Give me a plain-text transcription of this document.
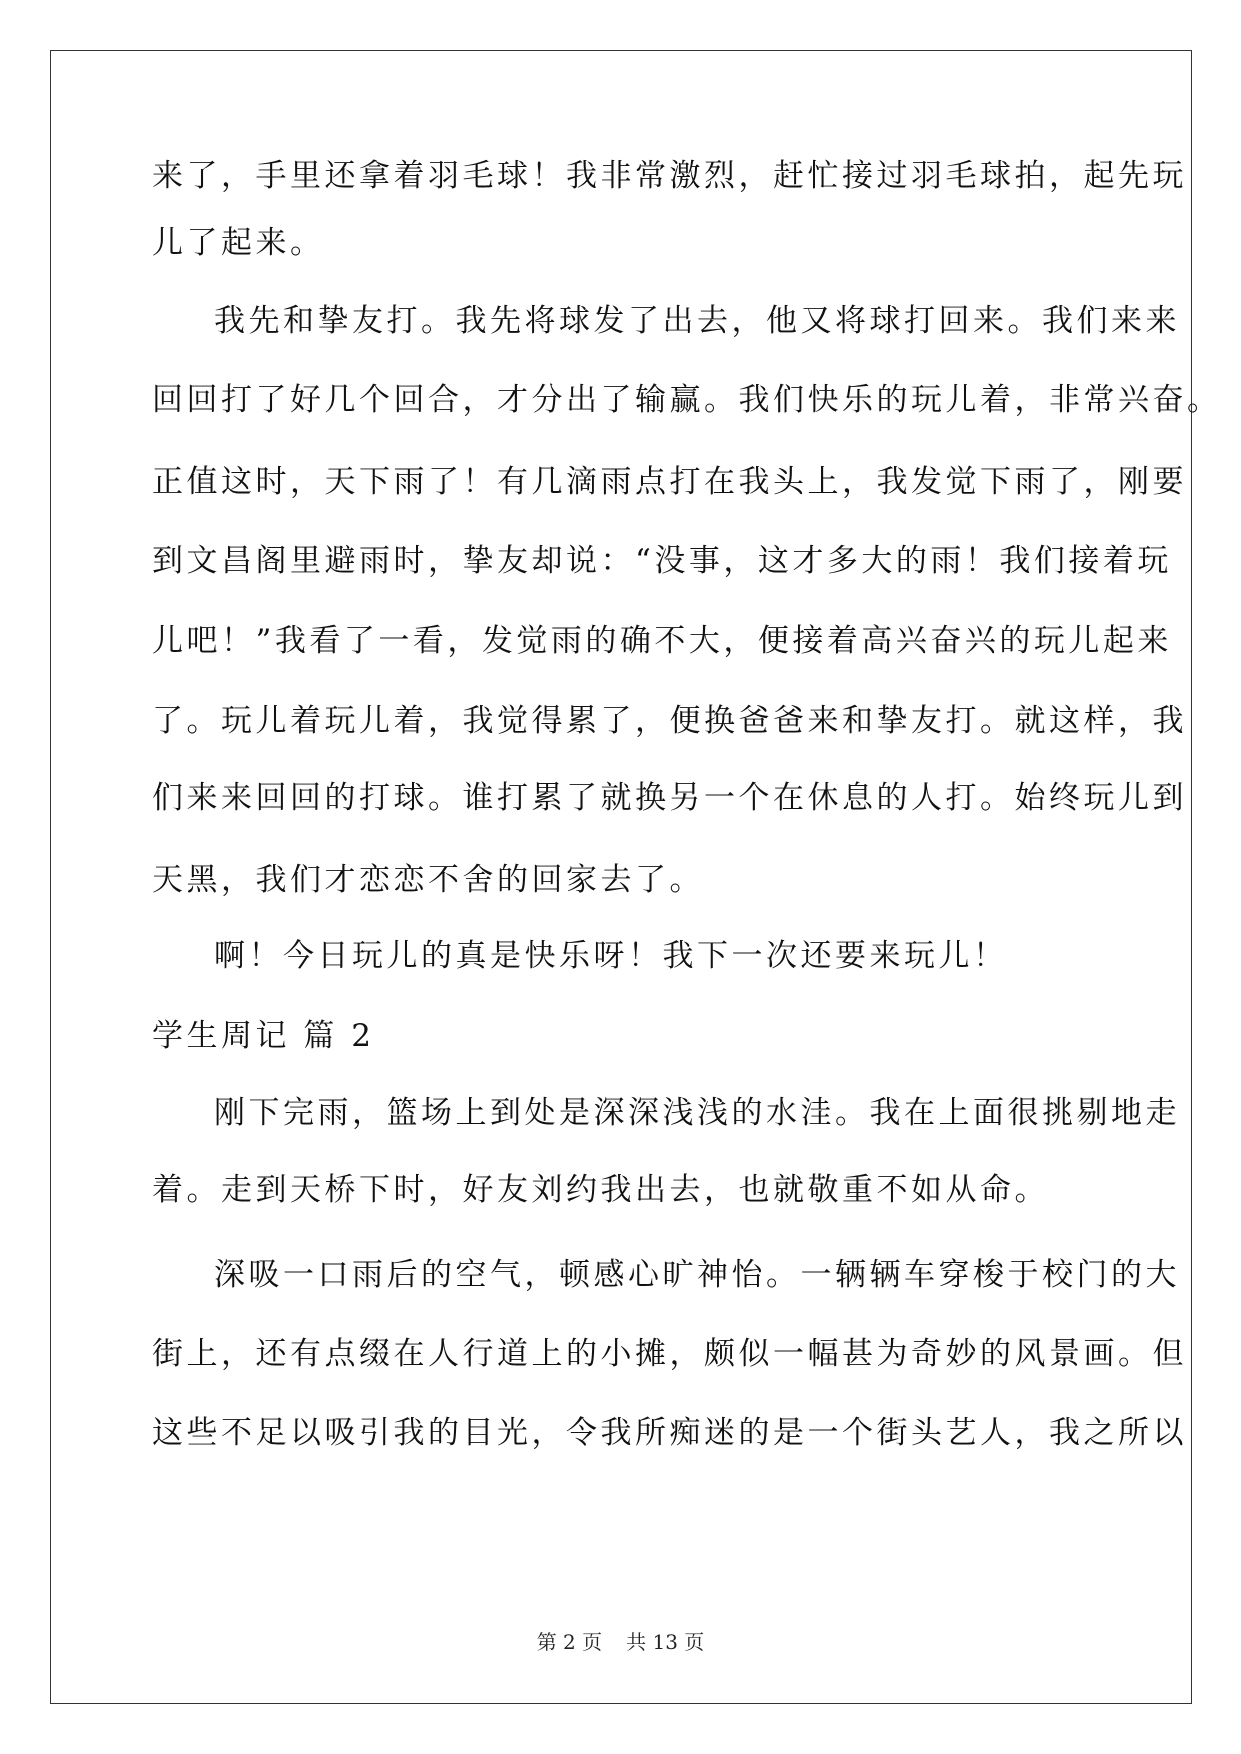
来了，手里还拿着羽毛球！我非常激烈，赶忙接过羽毛球拍，起先玩
儿了起来。
我先和挚友打。我先将球发了出去，他又将球打回来。我们来来
回回打了好几个回合，才分出了输赢。我们快乐的玩儿着，非常兴奋。
正值这时，天下雨了！有几滴雨点打在我头上，我发觉下雨了，刚要
到文昌阁里避雨时，挚友却说：“没事，这才多大的雨！我们接着玩
儿吧！”我看了一看，发觉雨的确不大，便接着高兴奋兴的玩儿起来
了。玩儿着玩儿着，我觉得累了，便换爸爸来和挚友打。就这样，我
们来来回回的打球。谁打累了就换另一个在休息的人打。始终玩儿到
天黑，我们才恋恋不舍的回家去了。
啊！今日玩儿的真是快乐呀！我下一次还要来玩儿！
学生周记 篇 2
刚下完雨，篮场上到处是深深浅浅的水洼。我在上面很挑剔地走
着。走到天桥下时，好友刘约我出去，也就敬重不如从命。
深吸一口雨后的空气，顿感心旷神怡。一辆辆车穿梭于校门的大
街上，还有点缀在人行道上的小摊，颇似一幅甚为奇妙的风景画。但
这些不足以吸引我的目光，令我所痴迷的是一个街头艺人，我之所以
第 2 页 共 13 页
